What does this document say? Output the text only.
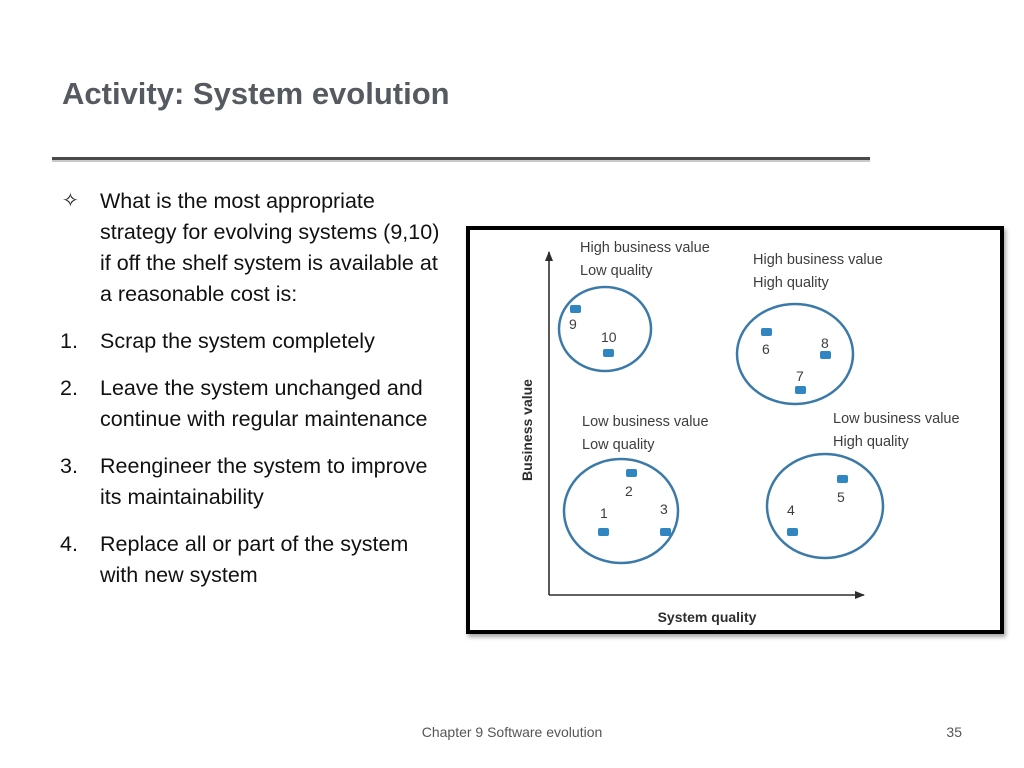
Activity: System evolution
✧ What is the most appropriate strategy for evolving systems (9,10) if off the shelf system is available at a reasonable cost is:
1. Scrap the system completely
2. Leave the system unchanged and continue with regular maintenance
3. Reengineer the system to improve its maintainability
4. Replace all or part of the system with new system
Business value
System quality
High business value
Low quality
9
10
High business value
High quality
6	8
7
Low business value
Low quality
2
1	3
Low business value
High quality
4
5
Chapter 9 Software evolution	35
